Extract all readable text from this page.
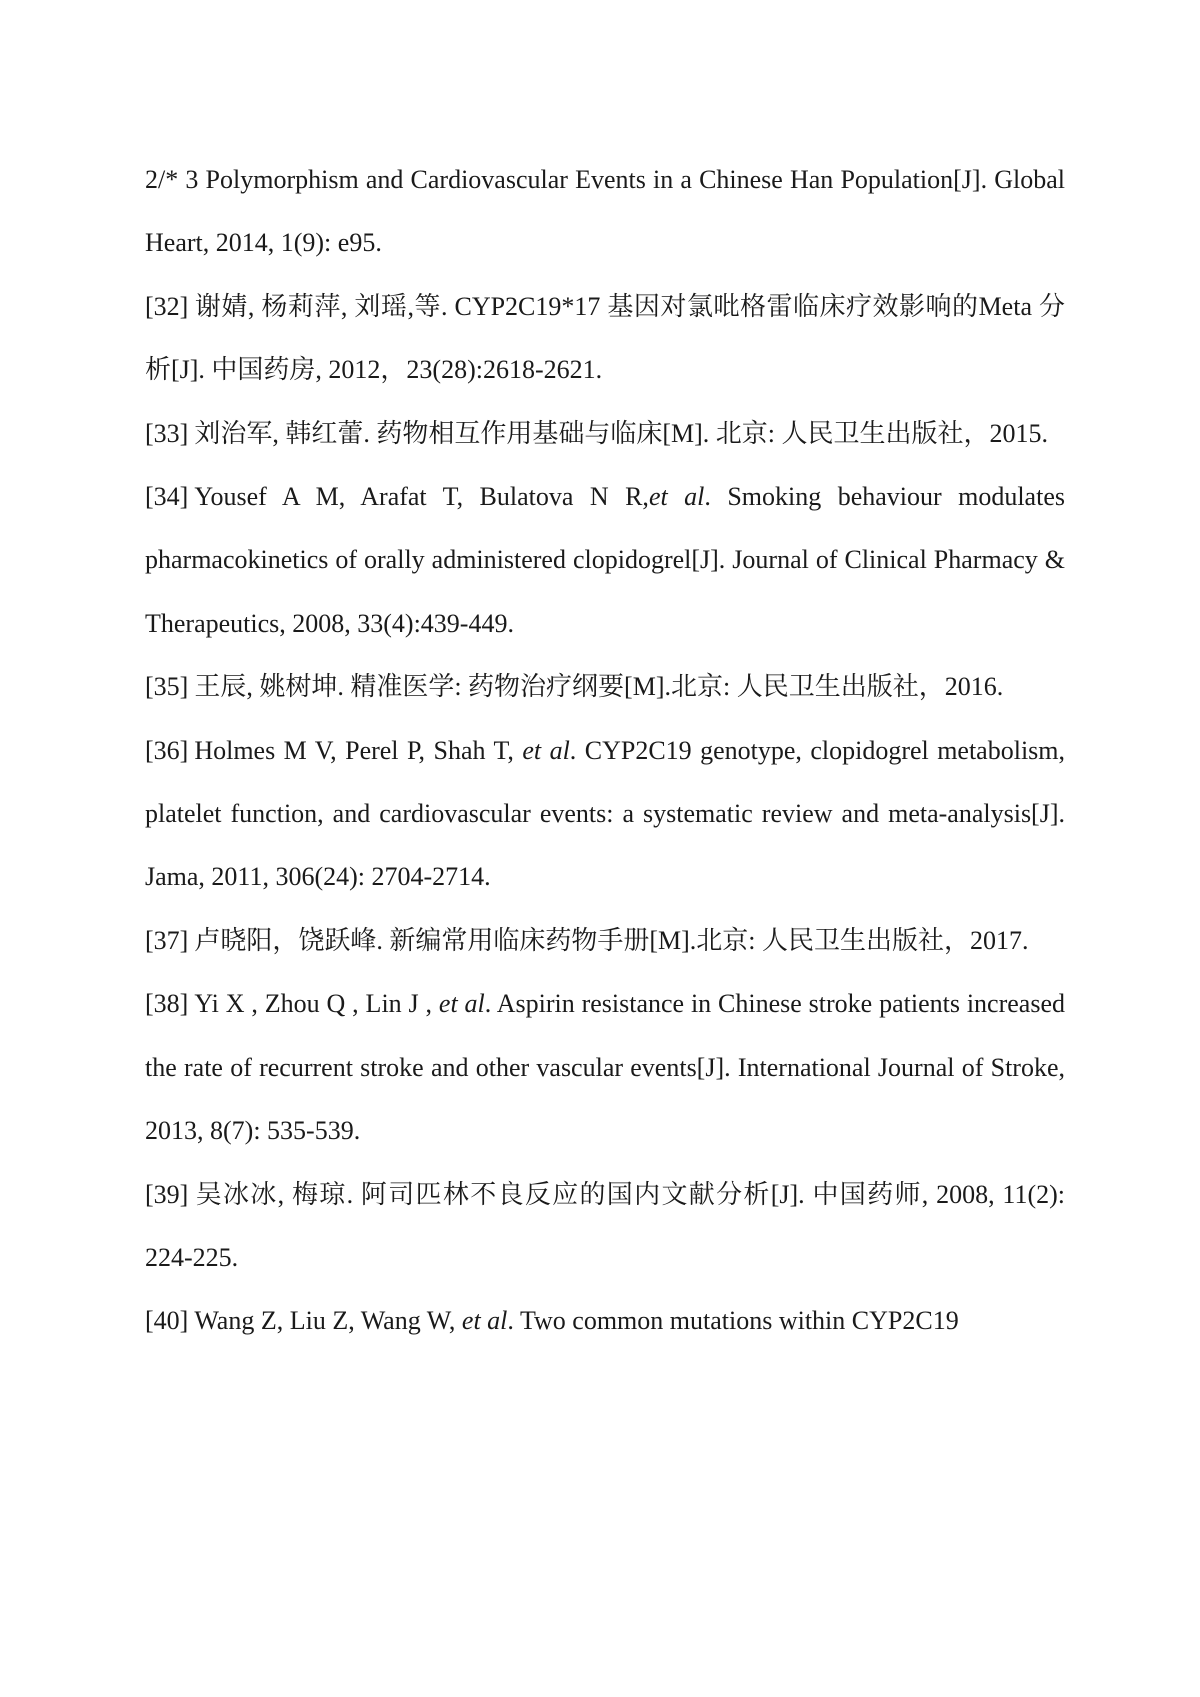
2/* 3 Polymorphism and Cardiovascular Events in a Chinese Han Population[J]. Global Heart, 2014, 1(9): e95.

[32] 谢婧, 杨莉萍, 刘瑶,等. CYP2C19*17 基因对氯吡格雷临床疗效影响的Meta 分析[J]. 中国药房, 2012，23(28):2618-2621.

[33] 刘治军, 韩红蕾. 药物相互作用基础与临床[M]. 北京: 人民卫生出版社，2015.

[34] Yousef A M, Arafat T, Bulatova N R,et al. Smoking behaviour modulates pharmacokinetics of orally administered clopidogrel[J]. Journal of Clinical Pharmacy & Therapeutics, 2008, 33(4):439-449.

[35] 王辰, 姚树坤. 精准医学: 药物治疗纲要[M].北京: 人民卫生出版社，2016.

[36] Holmes M V, Perel P, Shah T, et al. CYP2C19 genotype, clopidogrel metabolism, platelet function, and cardiovascular events: a systematic review and meta-analysis[J]. Jama, 2011, 306(24): 2704-2714.

[37] 卢晓阳，饶跃峰. 新编常用临床药物手册[M].北京: 人民卫生出版社，2017.

[38] Yi X , Zhou Q , Lin J , et al. Aspirin resistance in Chinese stroke patients increased the rate of recurrent stroke and other vascular events[J]. International Journal of Stroke, 2013, 8(7): 535-539.

[39] 吴冰冰, 梅琼. 阿司匹林不良反应的国内文献分析[J]. 中国药师, 2008, 11(2): 224-225.

[40] Wang Z, Liu Z, Wang W, et al. Two common mutations within CYP2C19
